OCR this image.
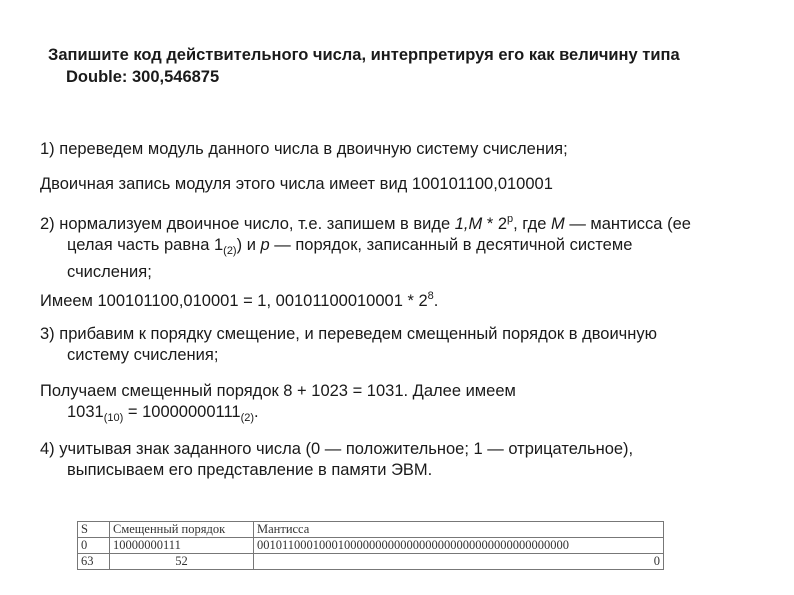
Запишите код действительного числа, интерпретируя его как величину типа
Double: 300,546875
1) переведем модуль данного числа в двоичную систему счисления;
Двоичная запись модуля этого числа имеет вид 100101100,010001
2) нормализуем двоичное число, т.е. запишем в виде 1,M * 2$^p$, где M — мантисса (ее
целая часть равна $1_{(2)}$) и p — порядок, записанный в десятичной системе
счисления;
Имеем 100101100,010001 = 1, $00101100010001 * 2^8$.
3) прибавим к порядку смещение, и переведем смещенный порядок в двоичную
систему счисления;
Получаем смещенный порядок 8 + 1023 = 1031. Далее имеем
$1031_{(10)} = 10000000111_{(2)}$.
4) учитывая знак заданного числа (0 — положительное; 1 — отрицательное),
выписываем его представление в памяти ЭВМ.
S	Смещенный порядок	Мантисса
0	10000000111	00101100010001000000000000000000000000000000000000
63	52	0
